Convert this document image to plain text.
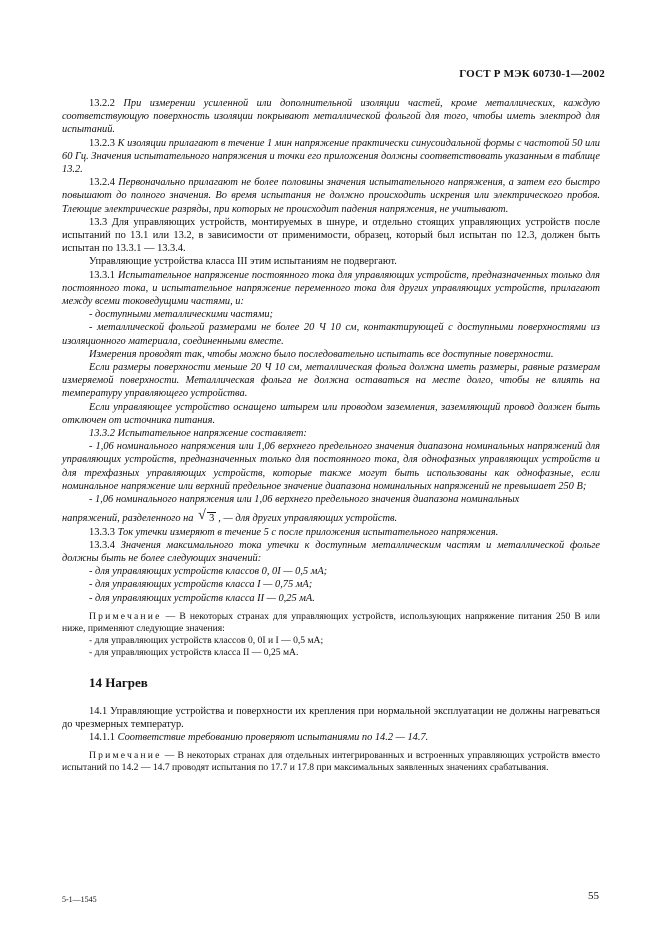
ГОСТ Р МЭК 60730-1—2002

13.2.2 При измерении усиленной или дополнительной изоляции частей, кроме металлических, каждую соответствующую поверхность изоляции покрывают металлической фольгой для того, чтобы иметь электрод для испытаний.

13.2.3 К изоляции прилагают в течение 1 мин напряжение практически синусоидальной формы с частотой 50 или 60 Гц. Значения испытательного напряжения и точки его приложения должны соответствовать указанным в таблице 13.2.

13.2.4 Первоначально прилагают не более половины значения испытательного напряжения, а затем его быстро повышают до полного значения. Во время испытания не должно происходить искрения или электрического пробоя. Тлеющие электрические разряды, при которых не происходит падения напряжения, не учитывают.

13.3 Для управляющих устройств, монтируемых в шнуре, и отдельно стоящих управляющих устройств после испытаний по 13.1 или 13.2, в зависимости от применимости, образец, который был испытан по 12.3, должен быть испытан по 13.3.1 — 13.3.4.

Управляющие устройства класса III этим испытаниям не подвергают.

13.3.1 Испытательное напряжение постоянного тока для управляющих устройств, предназначенных только для постоянного тока, и испытательное напряжение переменного тока для других управляющих устройств, прилагают между всеми токоведущими частями, и:

- доступными металлическими частями;

- металлической фольгой размерами не более 20 Ч 10 см, контактирующей с доступными поверхностями из изоляционного материала, соединенными вместе.

Измерения проводят так, чтобы можно было последовательно испытать все доступные поверхности.

Если размеры поверхности меньше 20 Ч 10 см, металлическая фольга должна иметь размеры, равные размерам измеряемой поверхности. Металлическая фольга не должна оставаться на месте долго, чтобы не влиять на температуру управляющего устройства.

Если управляющее устройство оснащено штырем или проводом заземления, заземляющий провод должен быть отключен от источника питания.

13.3.2 Испытательное напряжение составляет:

- 1,06 номинального напряжения или 1,06 верхнего предельного значения диапазона номинальных напряжений для управляющих устройств, предназначенных только для постоянного тока, для однофазных управляющих устройств и для трехфазных управляющих устройств, которые также могут быть использованы как однофазные, если номинальное напряжение или верхний предельное значение диапазона номинальных напряжений не превышает 250 В;

- 1,06 номинального напряжения или 1,06 верхнего предельного значения диапазона номинальных

напряжений, разделенного на √ 3 , — для других управляющих устройств.

13.3.3 Ток утечки измеряют в течение 5 с после приложения испытательного напряжения.

13.3.4 Значения максимального тока утечки к доступным металлическим частям и металлической фольге должны быть не более следующих значений:

- для управляющих устройств классов 0, 0I — 0,5 мА;

- для управляющих устройств класса I — 0,75 мА;

- для управляющих устройств класса II — 0,25 мА.

Примечание — В некоторых странах для управляющих устройств, использующих напряжение питания 250 В или ниже, применяют следующие значения:

- для управляющих устройств классов 0, 0I и I — 0,5 мА;

- для управляющих устройств класса II — 0,25 мА.

14 Нагрев

14.1 Управляющие устройства и поверхности их крепления при нормальной эксплуатации не должны нагреваться до чрезмерных температур.

14.1.1 Соответствие требованию проверяют испытаниями по 14.2 — 14.7.

Примечание — В некоторых странах для отдельных интегрированных и встроенных управляющих устройств вместо испытаний по 14.2 — 14.7 проводят испытания по 17.7 и 17.8 при максимальных заявленных значениях срабатывания.

5-1—1545	55
